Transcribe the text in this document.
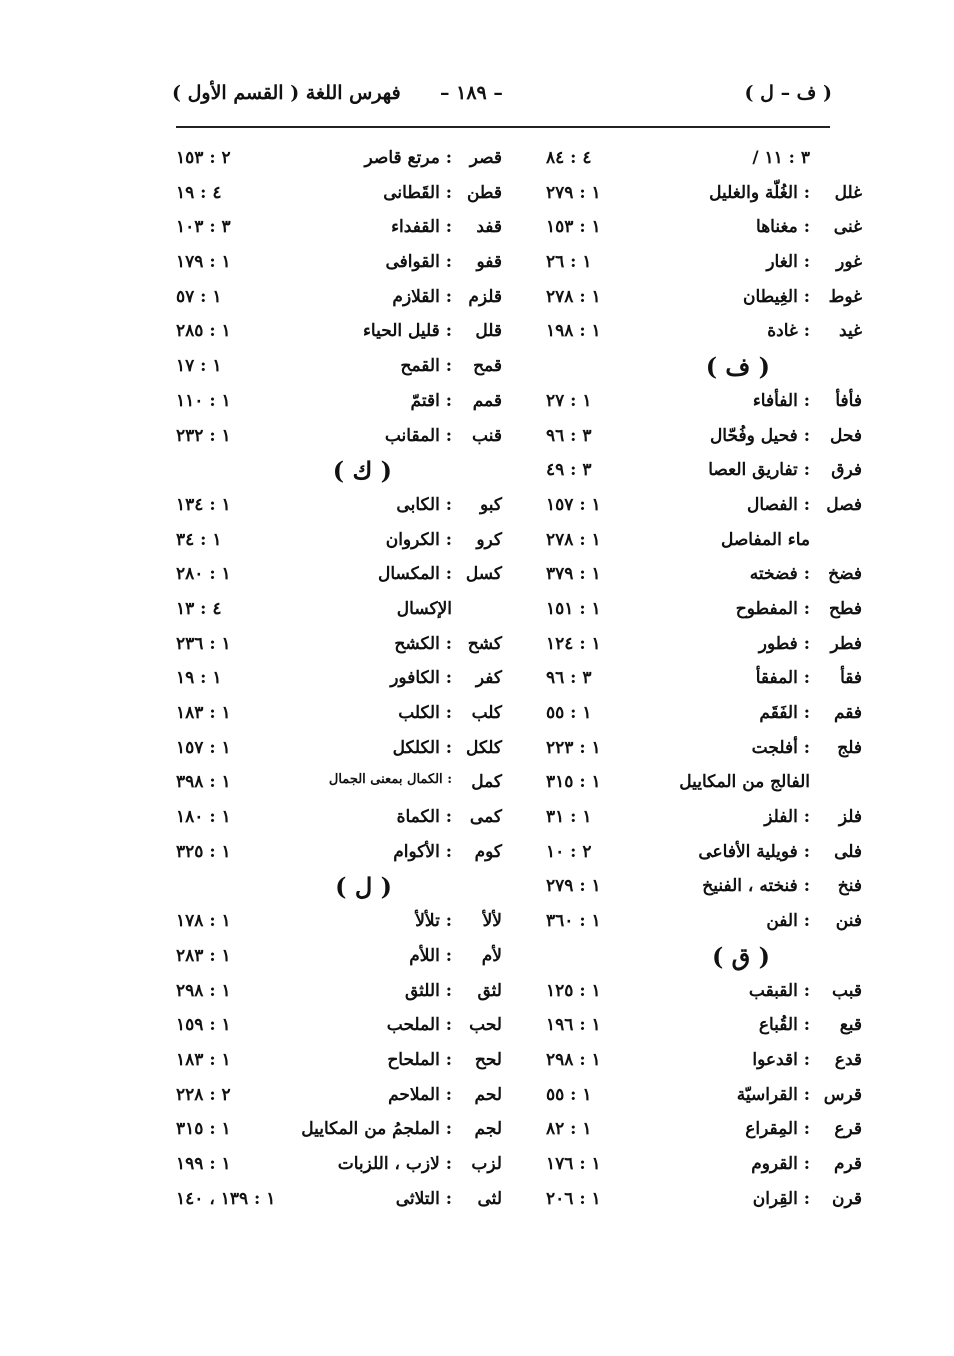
( ف – ل )
– ١٨٩ –
فهرس اللغة ( القسم الأول )
٣ : ١١ /
٤ : ٨٤
غلل
: الغُلّة والغليل
١ : ٢٧٩
غنى
: مغناها
١ : ١٥٣
غور
: الغار
١ : ٢٦
غوط
: الغِيطان
١ : ٢٧٨
غيد
: غادة
١ : ١٩٨
( ف )
فأفأ
: الفأفاء
١ : ٢٧
فحل
: فحيل وفُحّال
٣ : ٩٦
فرق
: تفاريق العصا
٣ : ٤٩
فصل
: الفصال
١ : ١٥٧
ماء المفاصل
١ : ٢٧٨
فضخ
: فضخته
١ : ٣٧٩
فطح
: المفطوح
١ : ١٥١
فطر
: فطور
١ : ١٢٤
فقأ
: المفقأ
٣ : ٩٦
فقم
: الفَقَم
١ : ٥٥
فلج
: أفلجت
١ : ٢٢٣
الفالج من المكاييل
١ : ٣١٥
فلز
: الفلز
١ : ٣١
فلى
: فويلية الأفاعى
٢ : ١٠
فنخ
: فنخته ، الفنيخ
١ : ٢٧٩
فنن
: الفن
١ : ٣٦٠
( ق )
قبب
: القبقب
١ : ١٢٥
قبع
: القُباع
١ : ١٩٦
قدع
: اقدعوا
١ : ٢٩٨
قرس
: القراسيّة
١ : ٥٥
قرع
: المِقراع
١ : ٨٢
قرم
: القروم
١ : ١٧٦
قرن
: القِران
١ : ٢٠٦
قصر
: مرتع قاصر
٢ : ١٥٣
قطن
: القَطانى
٤ : ١٩
قفد
: القفداء
٣ : ١٠٣
قفو
: القوافى
١ : ١٧٩
قلزم
: القلازم
١ : ٥٧
قلل
: قليل الحياء
١ : ٢٨٥
قمح
: القمح
١ : ١٧
قمم
: اقتمّ
١ : ١١٠
قنب
: المقانب
١ : ٢٣٢
( ك )
كبو
: الكابى
١ : ١٣٤
كرو
: الكروان
١ : ٣٤
كسل
: المكسال
١ : ٢٨٠
الإكسال
٤ : ١٣
كشح
: الكشح
١ : ٢٣٦
كفر
: الكافور
١ : ١٩
كلب
: الكلب
١ : ١٨٣
كلكل
: الكلكل
١ : ١٥٧
كمل
: الكمال بمعنى الجمال
١ : ٣٩٨
كمى
: الكماة
١ : ١٨٠
كوم
: الأكوام
١ : ٣٢٥
( ل )
لألأ
: تلألأ
١ : ١٧٨
لأم
: اللأم
١ : ٢٨٣
لثق
: اللثق
١ : ٢٩٨
لحب
: الملحب
١ : ١٥٩
لحح
: الملحاح
١ : ١٨٣
لحم
: الملاحم
٢ : ٢٢٨
لجم
: الملجمُ من المكاييل
١ : ٣١٥
لزب
: لازب ، اللزبات
١ : ١٩٩
لثى
: التلاثى
١ : ١٣٩ ، ١٤٠
